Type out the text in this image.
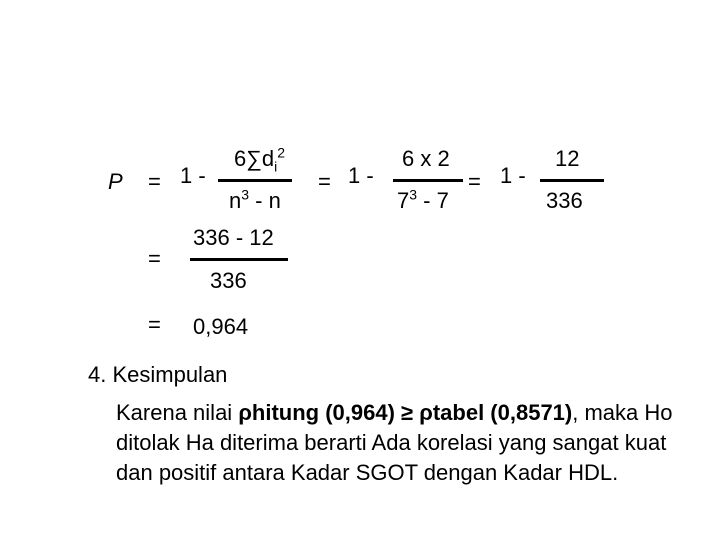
P = 1 -
$6\sum d_i^2$
$n^3$ - n
= 1 -
6 x 2
$7^3 - 7$
= 1 -
12
336
=
336 - 12
336
= 0,964
4. Kesimpulan
Karena nilai ρhitung (0,964) ≥ ρtabel (0,8571), maka Ho ditolak Ha diterima berarti Ada korelasi yang sangat kuat dan positif antara Kadar SGOT dengan Kadar HDL.
